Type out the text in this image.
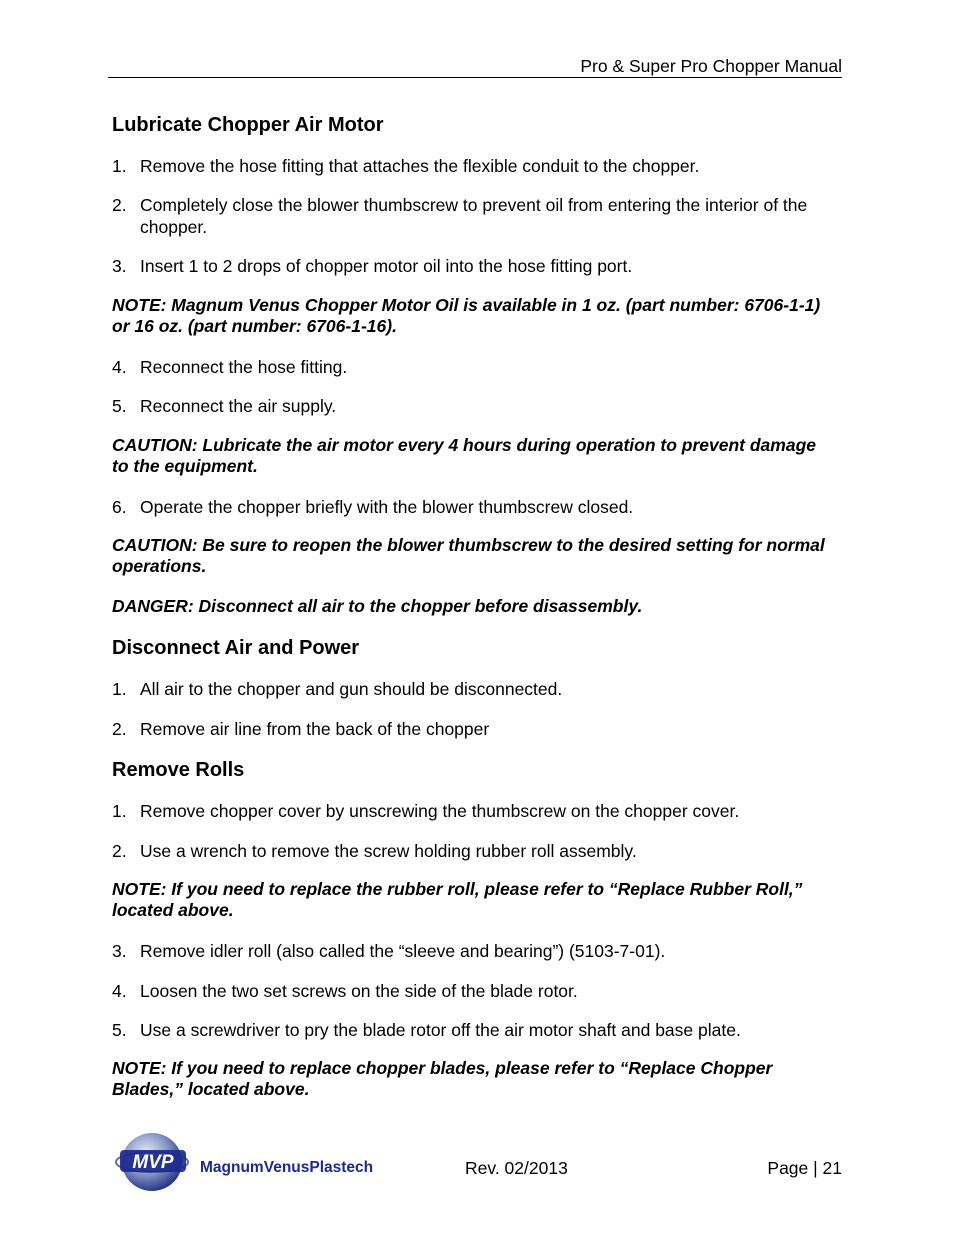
Pro & Super Pro Chopper Manual
Lubricate Chopper Air Motor
1. Remove the hose fitting that attaches the flexible conduit to the chopper.
2. Completely close the blower thumbscrew to prevent oil from entering the interior of the chopper.
3. Insert 1 to 2 drops of chopper motor oil into the hose fitting port.
NOTE: Magnum Venus Chopper Motor Oil is available in 1 oz. (part number: 6706-1-1) or 16 oz. (part number: 6706-1-16).
4. Reconnect the hose fitting.
5. Reconnect the air supply.
CAUTION: Lubricate the air motor every 4 hours during operation to prevent damage to the equipment.
6. Operate the chopper briefly with the blower thumbscrew closed.
CAUTION: Be sure to reopen the blower thumbscrew to the desired setting for normal operations.
DANGER: Disconnect all air to the chopper before disassembly.
Disconnect Air and Power
1. All air to the chopper and gun should be disconnected.
2. Remove air line from the back of the chopper
Remove Rolls
1. Remove chopper cover by unscrewing the thumbscrew on the chopper cover.
2. Use a wrench to remove the screw holding rubber roll assembly.
NOTE: If you need to replace the rubber roll, please refer to “Replace Rubber Roll,” located above.
3. Remove idler roll (also called the “sleeve and bearing”) (5103-7-01).
4. Loosen the two set screws on the side of the blade rotor.
5. Use a screwdriver to pry the blade rotor off the air motor shaft and base plate.
NOTE: If you need to replace chopper blades, please refer to “Replace Chopper Blades,” located above.
MVP MagnumVenusPlastech	Rev. 02/2013	Page | 21
